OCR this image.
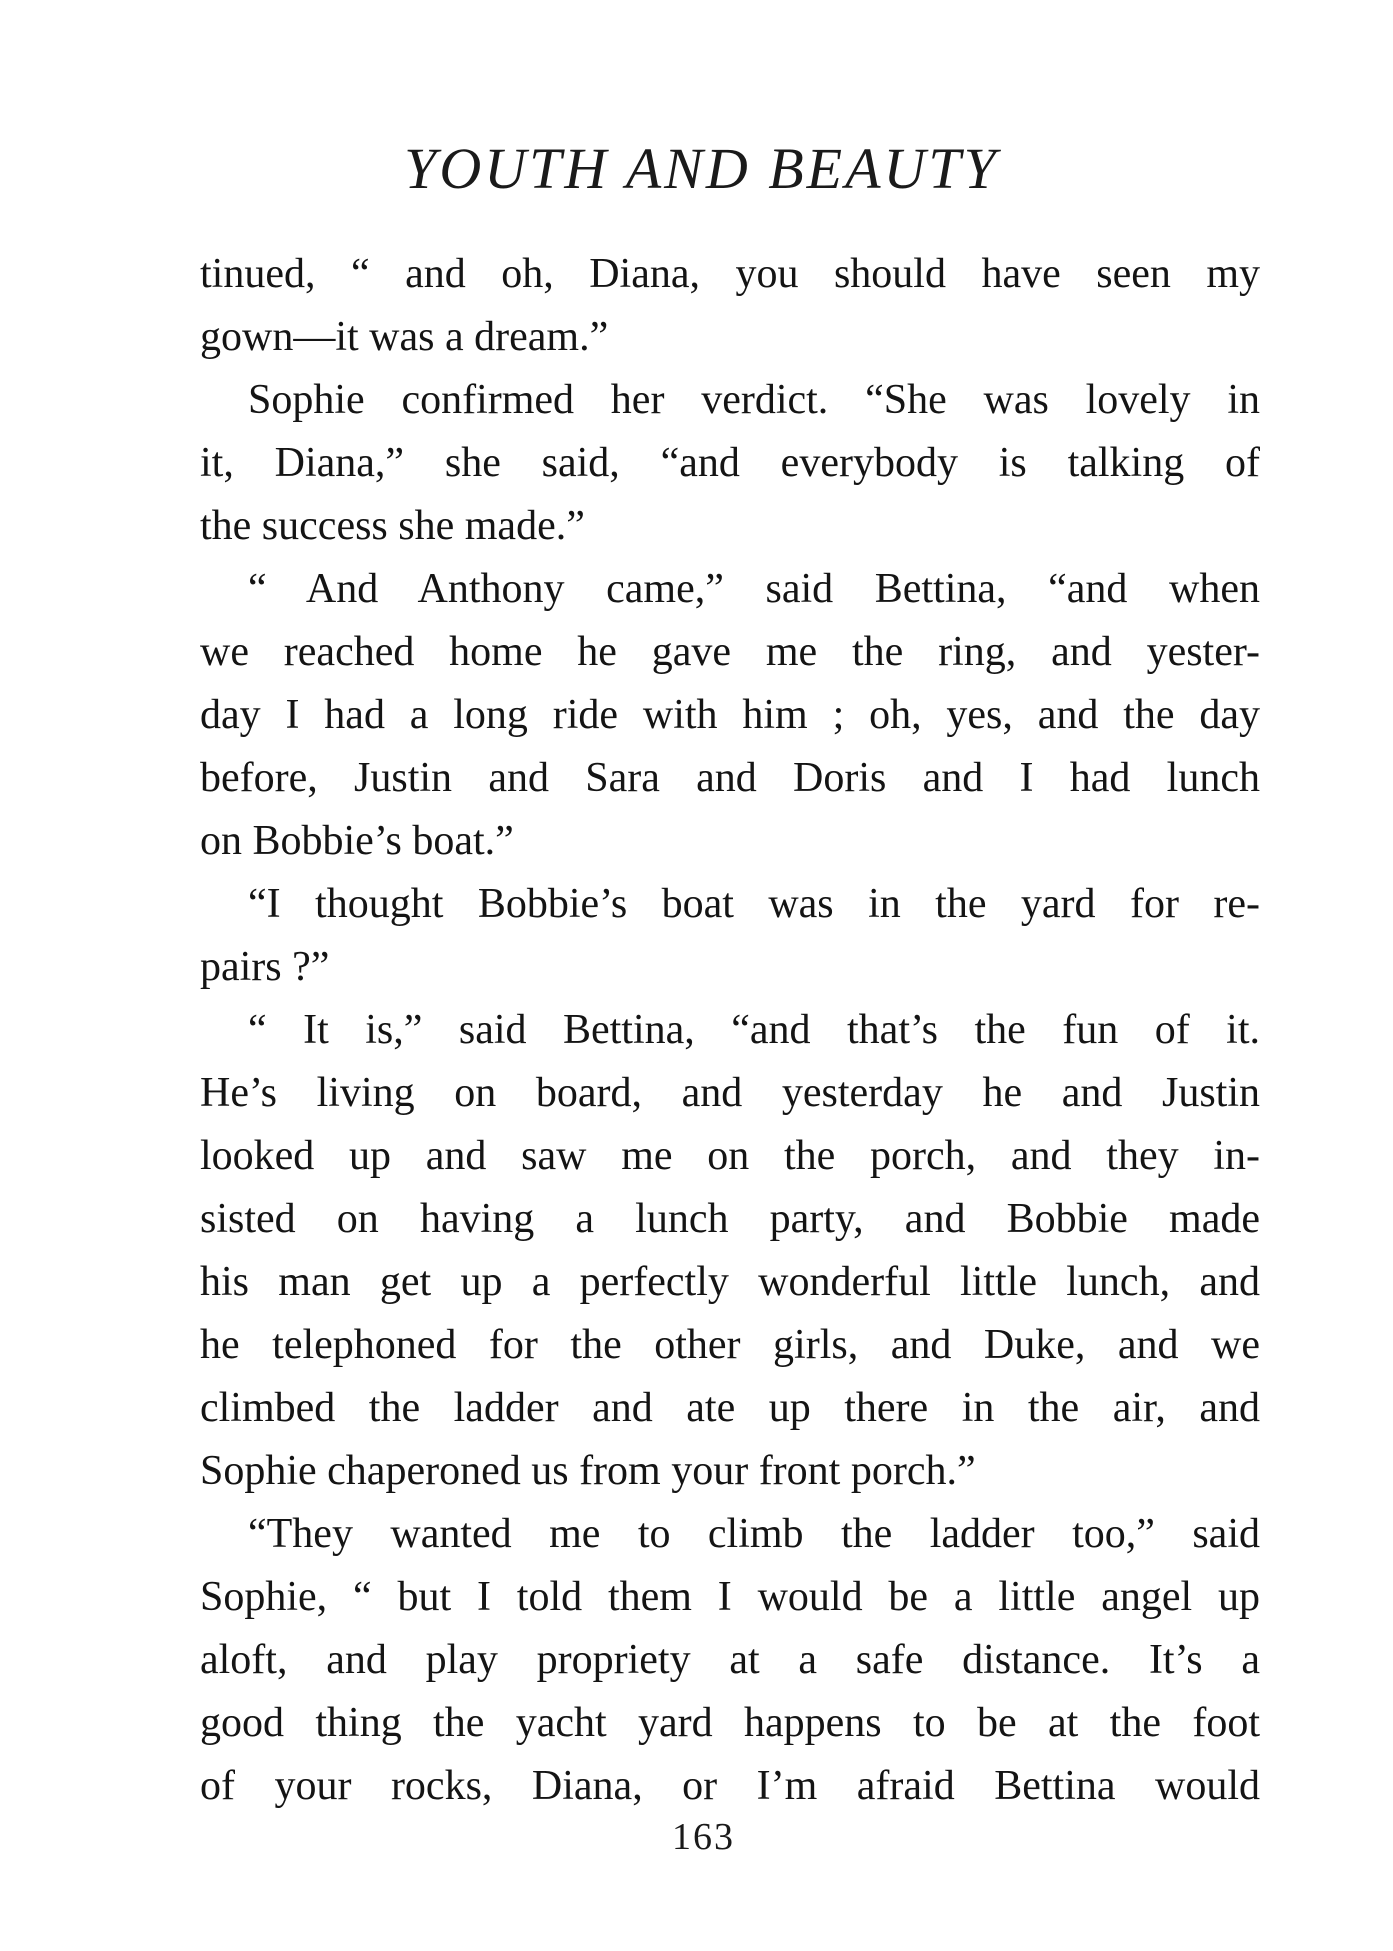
YOUTH AND BEAUTY
tinued, “ and oh, Diana, you should have seen my
gown—it was a dream.”
Sophie confirmed her verdict. “She was lovely in
it, Diana,” she said, “and everybody is talking of
the success she made.”
“ And Anthony came,” said Bettina, “and when
we reached home he gave me the ring, and yester-
day I had a long ride with him ; oh, yes, and the day
before, Justin and Sara and Doris and I had lunch
on Bobbie’s boat.”
“I thought Bobbie’s boat was in the yard for re-
pairs ?”
“ It is,” said Bettina, “and that’s the fun of it.
He’s living on board, and yesterday he and Justin
looked up and saw me on the porch, and they in-
sisted on having a lunch party, and Bobbie made
his man get up a perfectly wonderful little lunch, and
he telephoned for the other girls, and Duke, and we
climbed the ladder and ate up there in the air, and
Sophie chaperoned us from your front porch.”
“They wanted me to climb the ladder too,” said
Sophie, “ but I told them I would be a little angel up
aloft, and play propriety at a safe distance. It’s a
good thing the yacht yard happens to be at the foot
of your rocks, Diana, or I’m afraid Bettina would
163
